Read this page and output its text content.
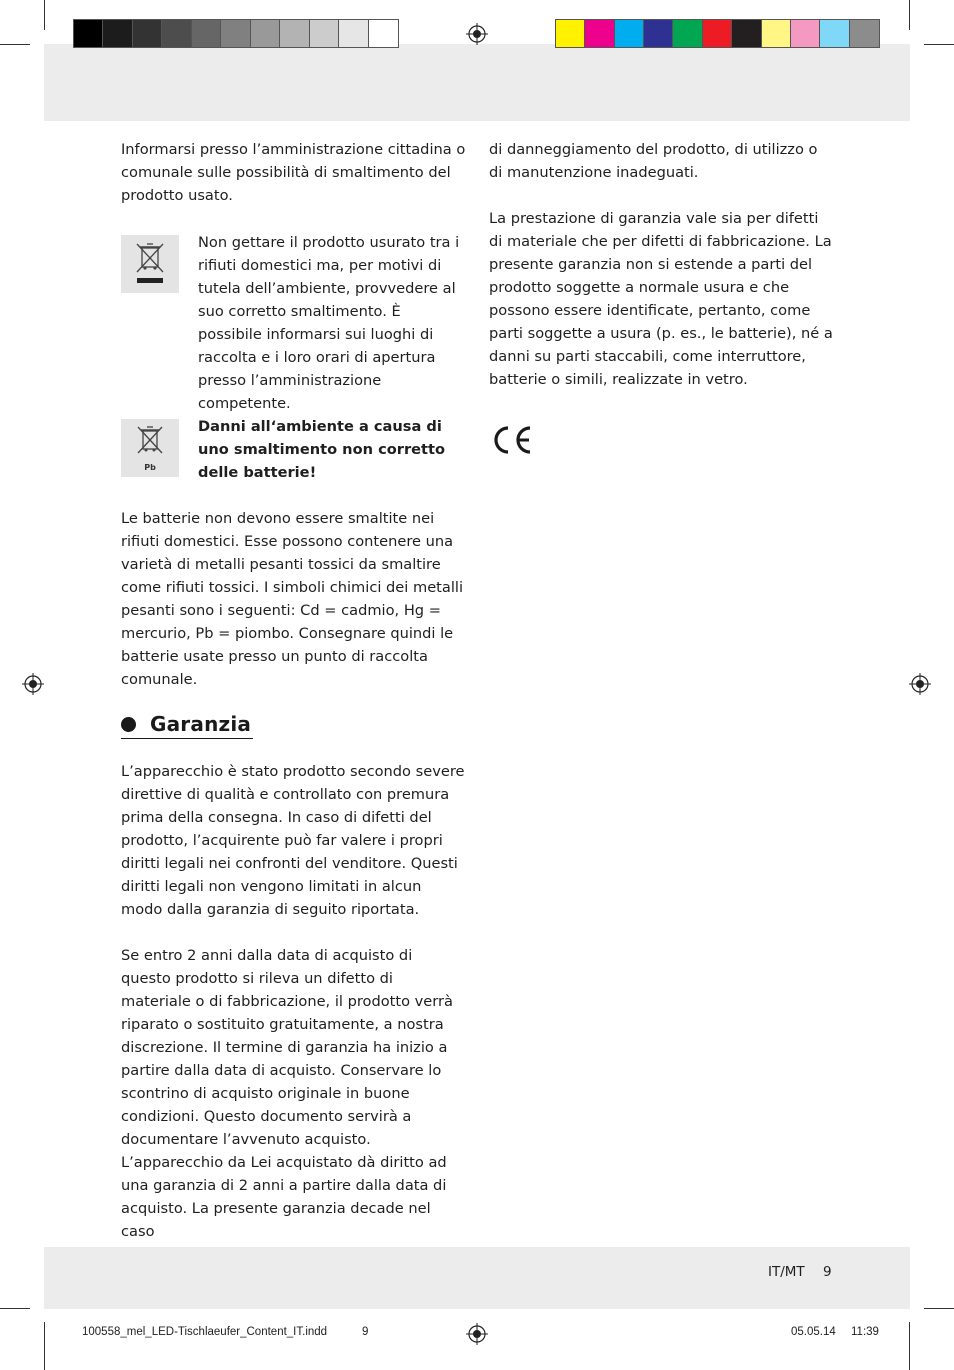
Informarsi presso l’amministrazione cittadina o comunale sulle possibilità di smaltimento del prodotto usato.

Non gettare il prodotto usurato tra i rifiuti domestici ma, per motivi di tutela dell’ambiente, provvedere al suo corretto smaltimento. È possibile informarsi sui luoghi di raccolta e i loro orari di apertura presso l’amministrazione competente.
Pb
Danni all‘ambiente a causa di uno smaltimento non corretto delle batterie!

Le batterie non devono essere smaltite nei rifiuti domestici. Esse possono contenere una varietà di metalli pesanti tossici da smaltire come rifiuti tossici. I simboli chimici dei metalli pesanti sono i seguenti: Cd = cadmio, Hg = mercurio, Pb = piombo. Consegnare quindi le batterie usate presso un punto di raccolta comunale.

Garanzia

L’apparecchio è stato prodotto secondo severe direttive di qualità e controllato con premura prima della consegna. In caso di difetti del prodotto, l’acquirente può far valere i propri diritti legali nei confronti del venditore. Questi diritti legali non vengono limitati in alcun modo dalla garanzia di seguito riportata.

Se entro 2 anni dalla data di acquisto di questo prodotto si rileva un difetto di materiale o di fabbricazione, il prodotto verrà riparato o sostituito gratuitamente, a nostra discrezione. Il termine di garanzia ha inizio a partire dalla data di acquisto. Conservare lo scontrino di acquisto originale in buone condizioni. Questo documento servirà a documentare l’avvenuto acquisto.

L’apparecchio da Lei acquistato dà diritto ad una garanzia di 2 anni a partire dalla data di acquisto. La presente garanzia decade nel caso

di danneggiamento del prodotto, di utilizzo o di manutenzione inadeguati.

La prestazione di garanzia vale sia per difetti di materiale che per difetti di fabbricazione. La presente garanzia non si estende a parti del prodotto soggette a normale usura e che possono essere identificate, pertanto, come parti soggette a usura (p. es., le batterie), né a danni su parti staccabili, come interruttore, batterie o simili, realizzate in vetro.

IT/MT 9
100558_mel_LED-Tischlaeufer_Content_IT.indd	9	05.05.14 11:39
